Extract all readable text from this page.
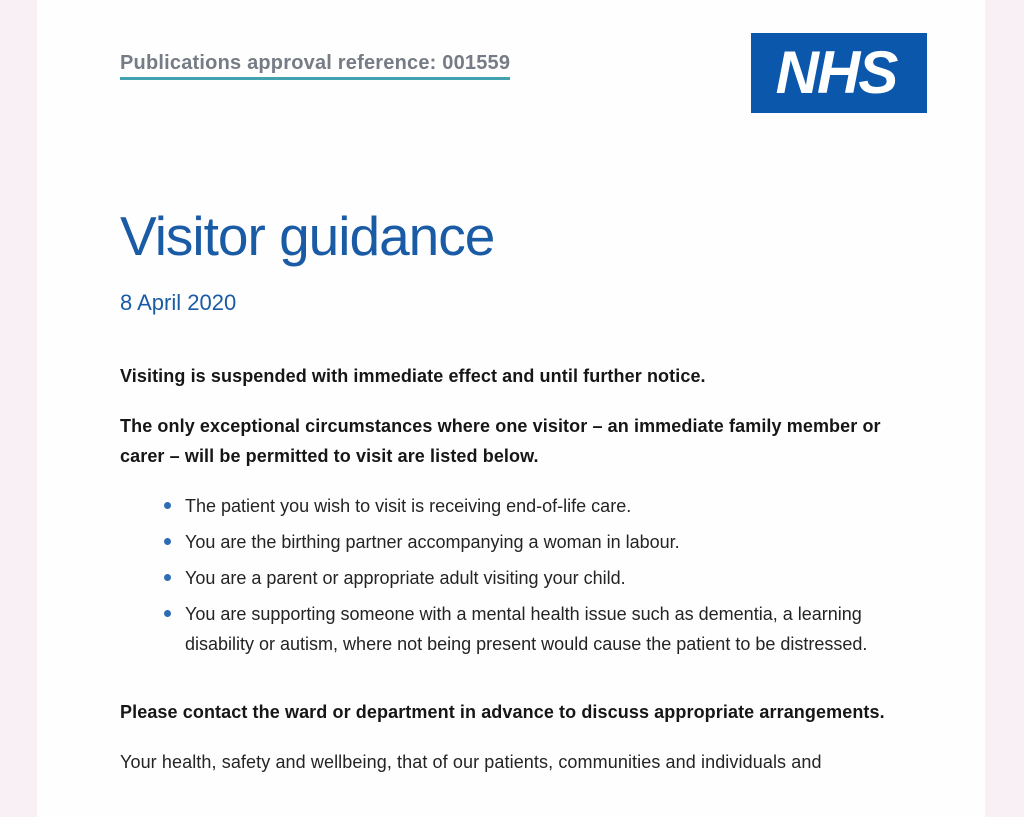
Publications approval reference: 001559	NHS
Visitor guidance
8 April 2020

Visiting is suspended with immediate effect and until further notice.

The only exceptional circumstances where one visitor – an immediate family member or carer – will be permitted to visit are listed below.

The patient you wish to visit is receiving end-of-life care.
You are the birthing partner accompanying a woman in labour.
You are a parent or appropriate adult visiting your child.
You are supporting someone with a mental health issue such as dementia, a learning disability or autism, where not being present would cause the patient to be distressed.

Please contact the ward or department in advance to discuss appropriate arrangements.

Your health, safety and wellbeing, that of our patients, communities and individuals and
